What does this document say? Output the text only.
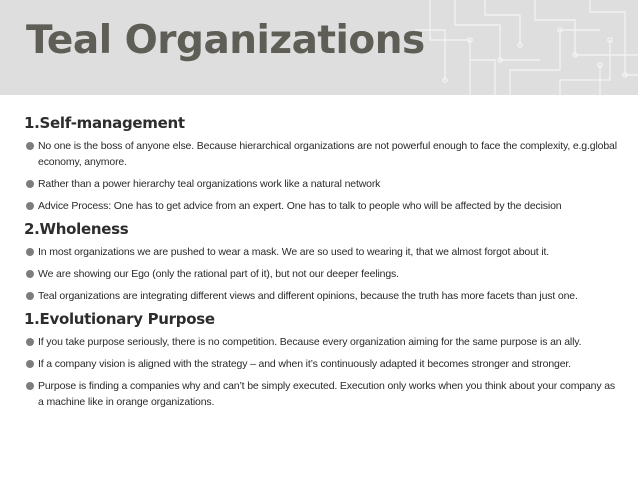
Teal Organizations
1.Self-management
No one is the boss of anyone else. Because hierarchical organizations are not powerful enough to face the complexity, e.g.global economy, anymore.
Rather than a power hierarchy teal organizations work like a natural network
Advice Process: One has to get advice from an expert. One has to talk to people who will be affected by the decision
2.Wholeness
In most organizations we are pushed to wear a mask. We are so used to wearing it, that we almost forgot about it.
We are showing our Ego (only the rational part of it), but not our deeper feelings.
Teal organizations are integrating different views and different opinions, because the truth has more facets than just one.
1.Evolutionary Purpose
If you take purpose seriously, there is no competition. Because every organization aiming for the same purpose is an ally.
If a company vision is aligned with the strategy – and when it’s continuously adapted it becomes stronger and stronger.
Purpose is finding a companies why and can’t be simply executed. Execution only works when you think about your company as a machine like in orange organizations.
